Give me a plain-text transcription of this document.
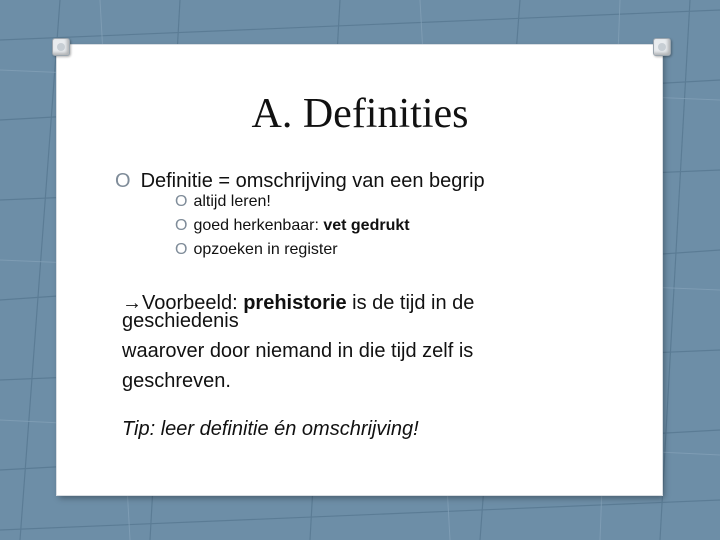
A. Definities
O Definitie = omschrijving van een begrip
O altijd leren!
O goed herkenbaar: vet gedrukt
O opzoeken in register
→Voorbeeld: prehistorie is de tijd in de
geschiedenis
waarover door niemand in die tijd zelf is
geschreven.
Tip: leer definitie én omschrijving!
